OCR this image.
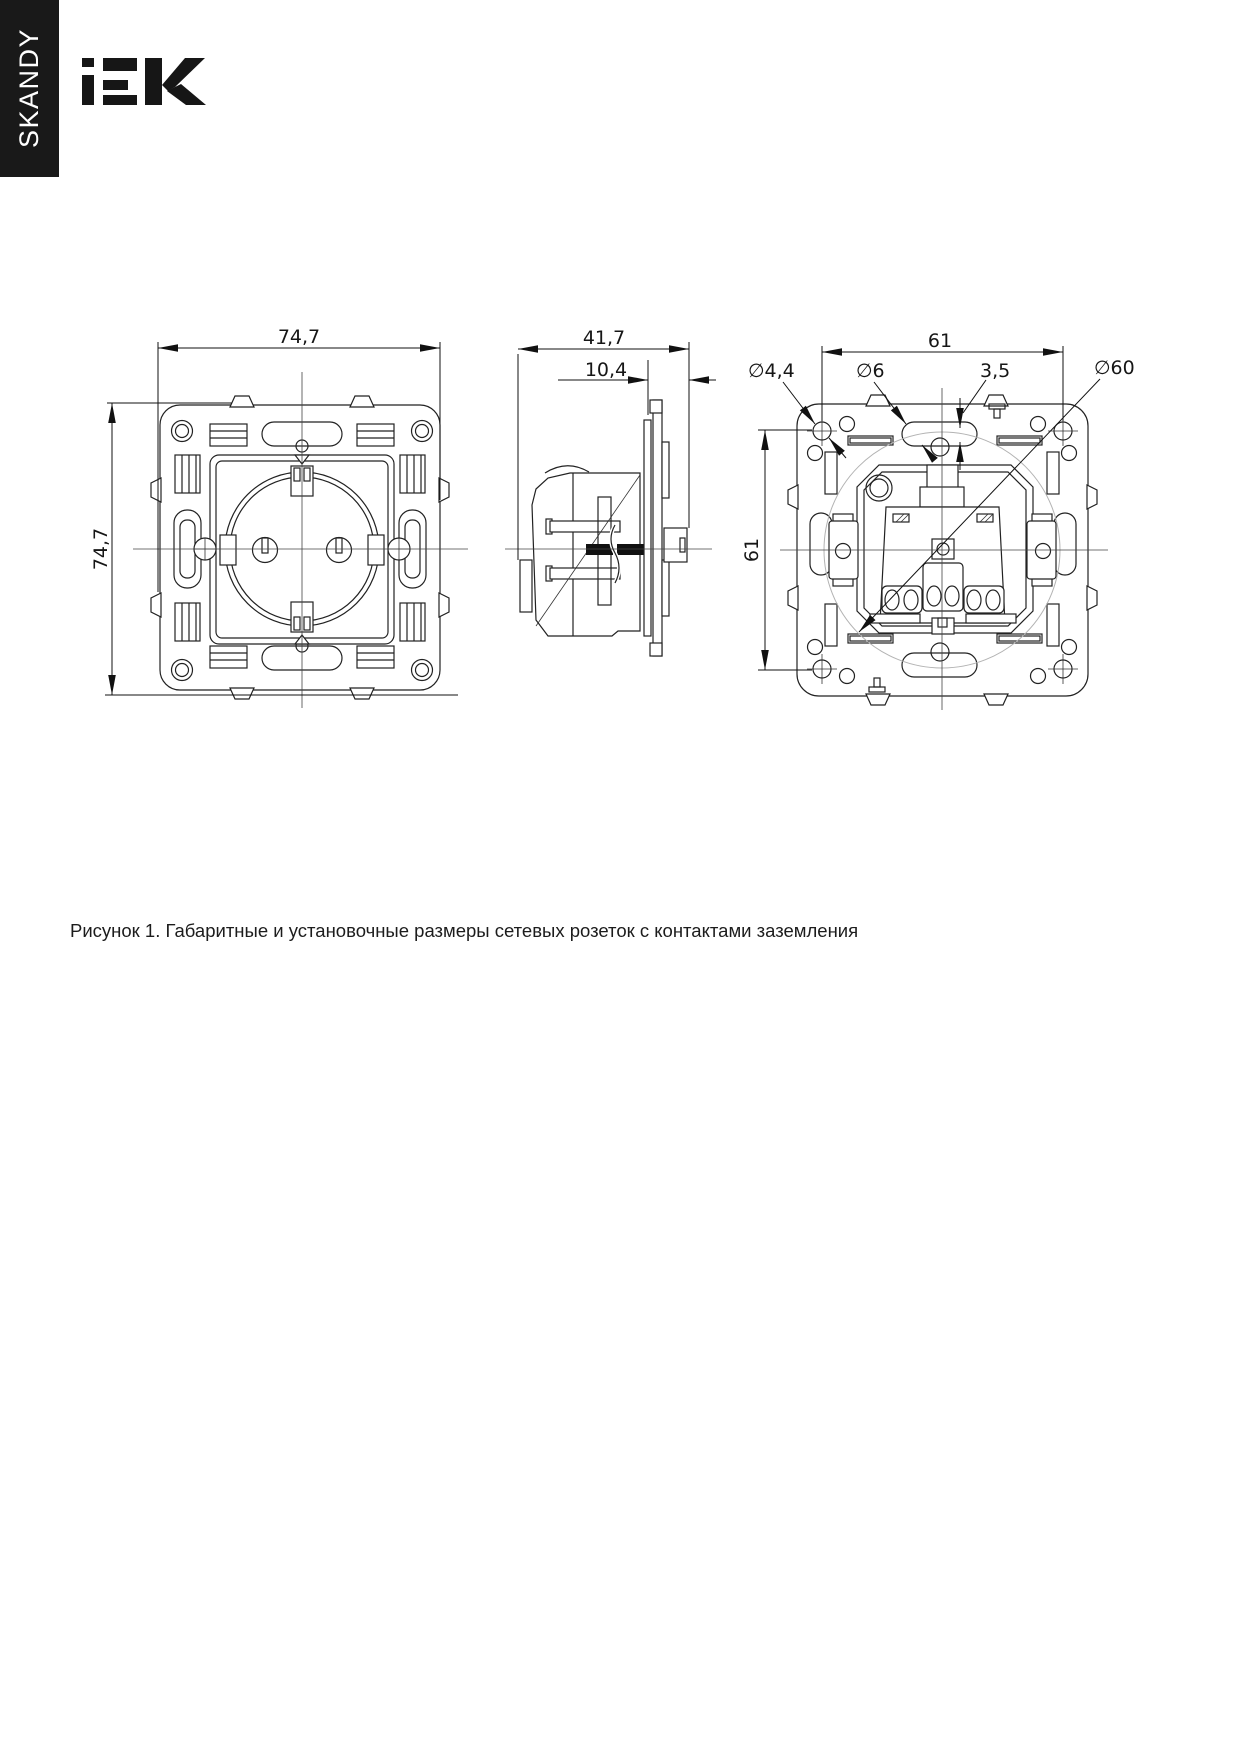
SKANDY
74,7
74,7
41,7
10,4
61
61
∅4,4	∅6	3,5	∅60
Рисунок 1. Габаритные и установочные размеры сетевых розеток с контактами заземления
